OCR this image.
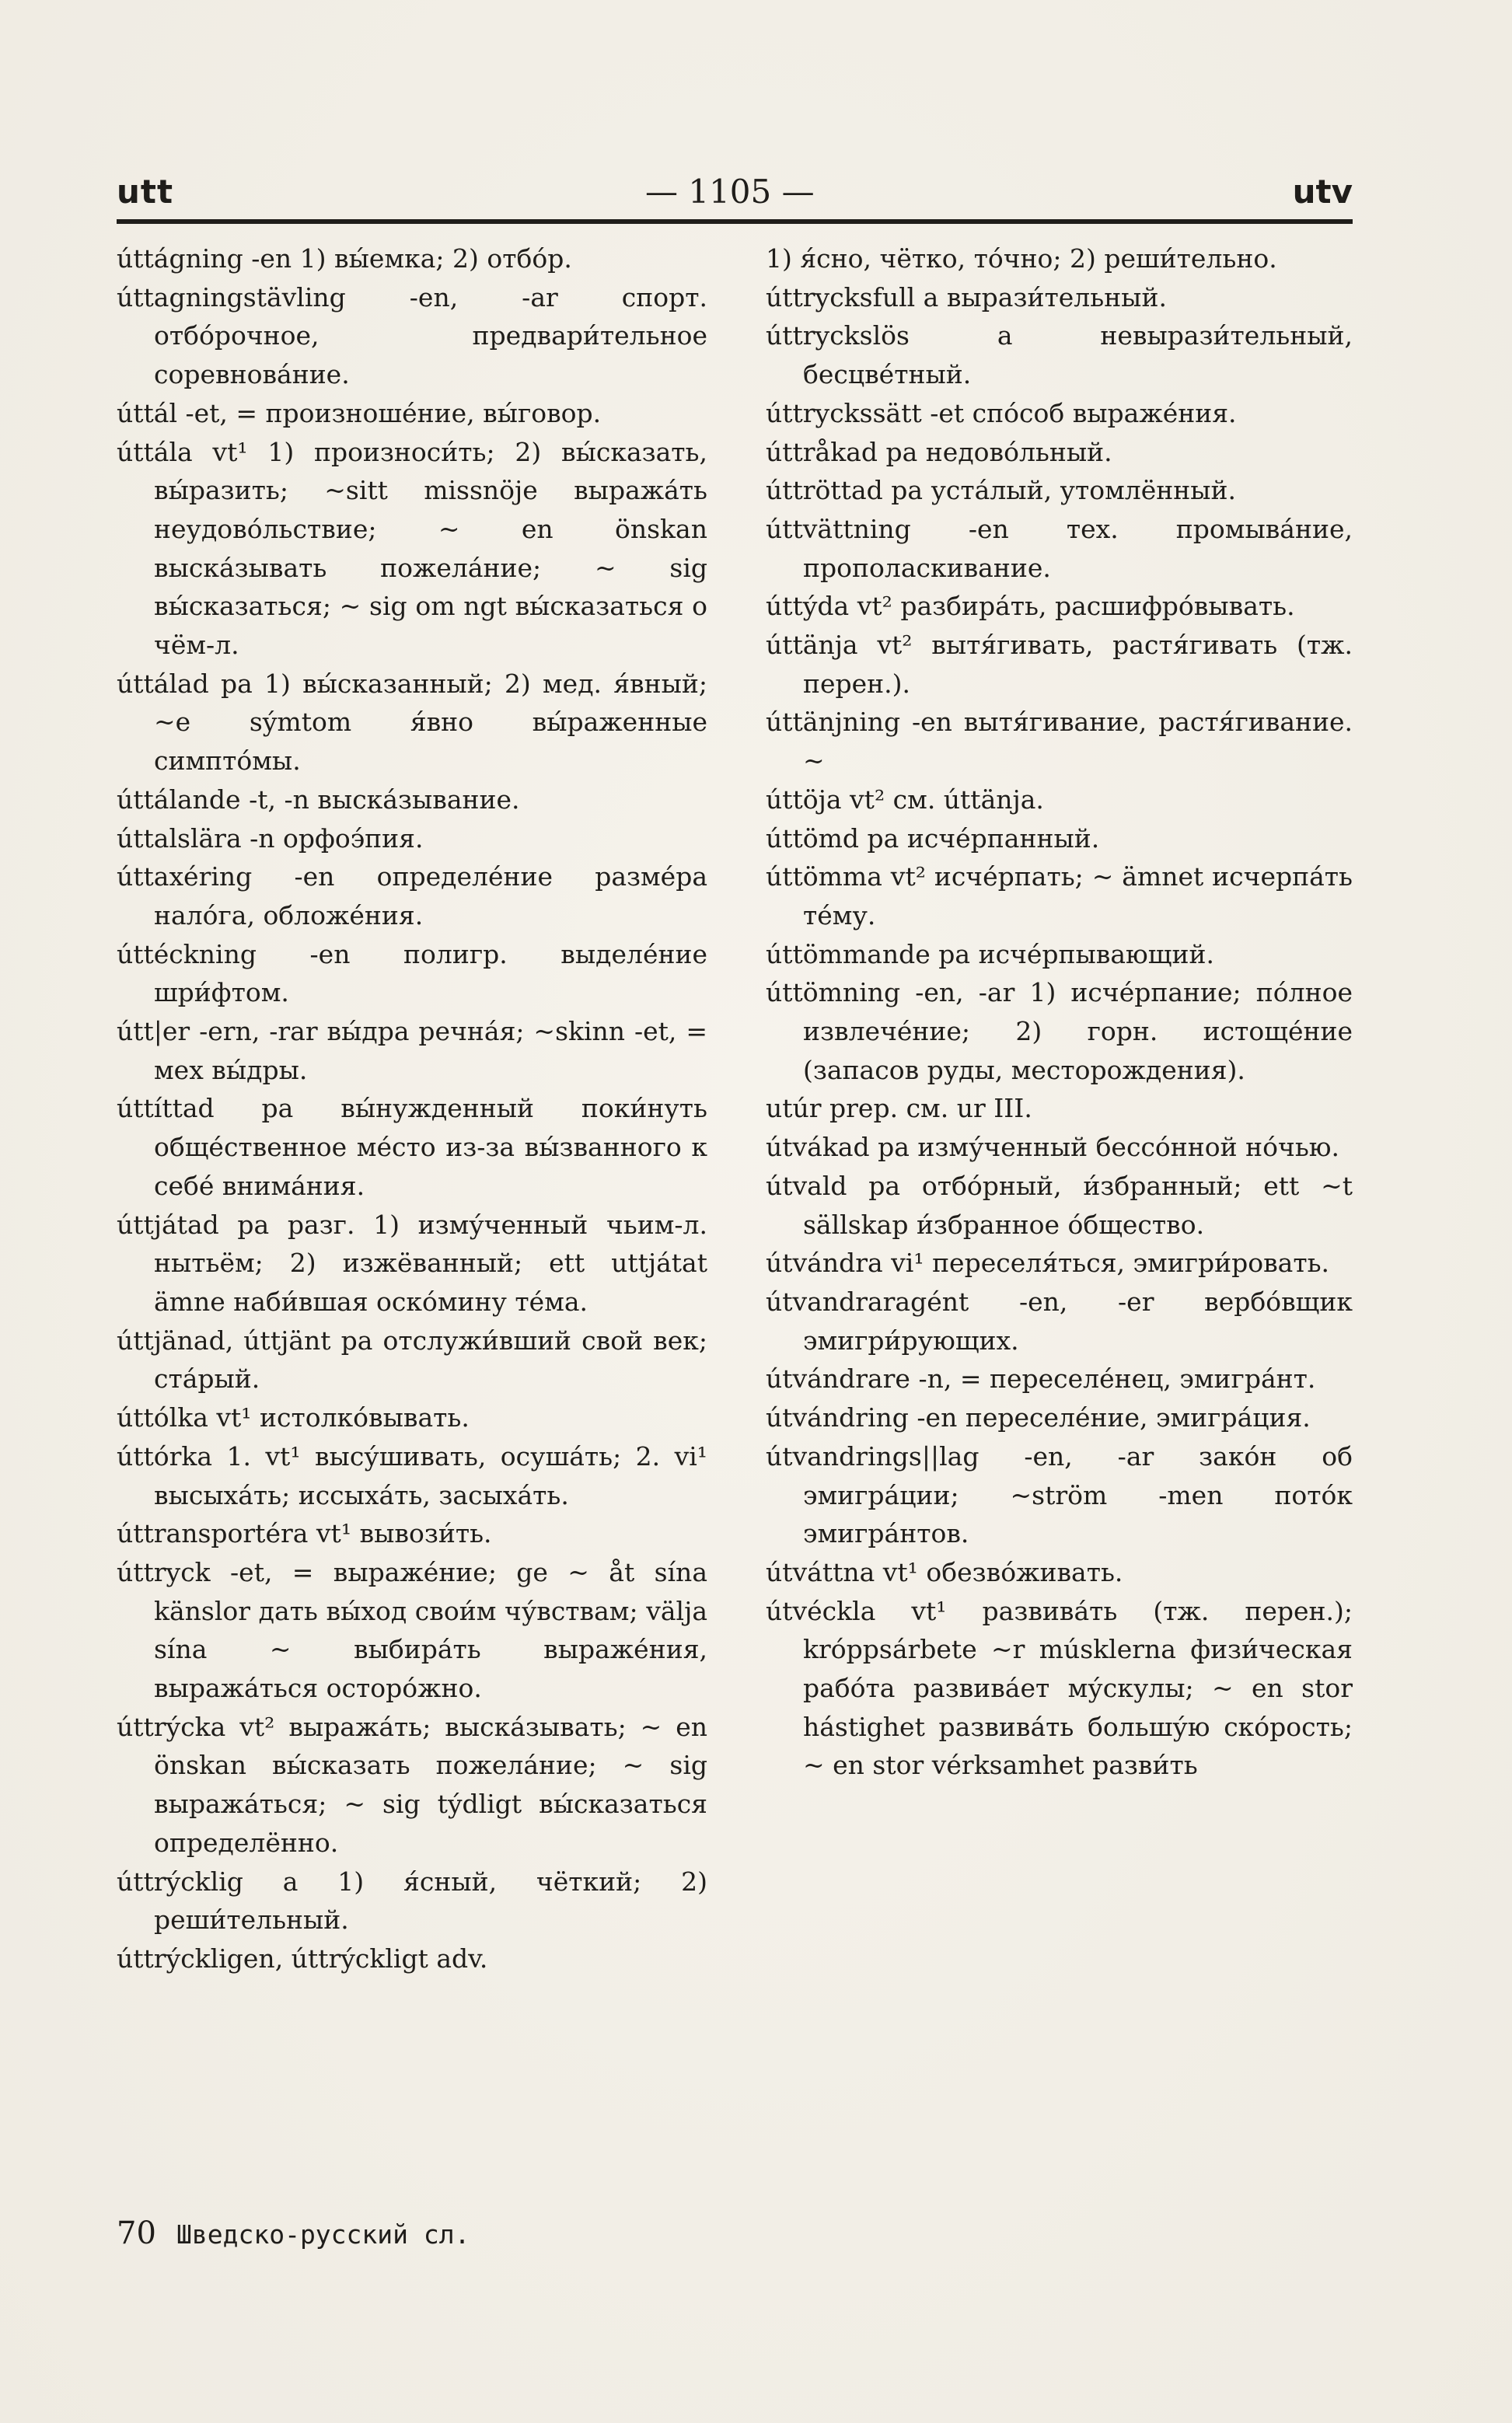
utt	— 1105 —	utv

úttágning -en 1) вы́емка; 2) отбо́р.

úttagningstävling -en, -ar спорт. отбо́рочное, предвари́тельное соревнова́ние.

úttál -et, = произноше́ние, вы́говор.

úttála vt¹ 1) произноси́ть; 2) вы́сказать, вы́разить; ~sitt missnöje выража́ть неудово́льствие; ~ en önskan выска́зывать пожела́ние; ~ sig вы́сказаться; ~ sig om ngt вы́сказаться о чём-л.

úttálad pa 1) вы́сказанный; 2) мед. я́вный; ~e sýmtom я́вно вы́раженные симпто́мы.

úttálande -t, -n выска́зывание.

úttalslära -n орфоэ́пия.

úttaxéring -en определе́ние разме́ра нало́га, обложе́ния.

úttéckning -en полигр. выделе́ние шри́фтом.

útt|er -ern, -rar вы́дра речна́я; ~skinn -et, = мех вы́дры.

úttíttad pa вы́нужденный поки́нуть обще́ственное ме́сто из-за вы́званного к себе́ внима́ния.

úttjátad pa разг. 1) изму́ченный чьим-л. нытьём; 2) изжёванный; ett uttjátat ämne наби́вшая оско́мину те́ма.

úttjänad, úttjänt pa отслужи́вший свой век; ста́рый.

úttólka vt¹ истолко́вывать.

úttórka 1. vt¹ высу́шивать, осуша́ть; 2. vi¹ высыха́ть; иссыха́ть, засыха́ть.

úttransportéra vt¹ вывози́ть.

úttryck -et, = выраже́ние; ge ~ åt sína känslor дать вы́ход свои́м чу́вствам; välja sína ~ выбира́ть выраже́ния, выража́ться осторо́жно.

úttrýcka vt² выража́ть; выска́зывать; ~ en önskan вы́сказать пожела́ние; ~ sig выража́ться; ~ sig týdligt вы́сказаться определённо.

úttrýcklig a 1) я́сный, чёткий; 2) реши́тельный.

úttrýckligen, úttrýckligt adv.

1) я́сно, чётко, то́чно; 2) реши́тельно.

úttrycksfull a вырази́тельный.

úttryckslös a невырази́тельный, бесцве́тный.

úttryckssätt -et спо́соб выраже́ния.

úttråkad pa недово́льный.

úttröttad pa уста́лый, утомлённый.

úttvättning -en тех. промыва́ние, прополаскивание.

úttýda vt² разбира́ть, расшифро́вывать.

úttänja vt² вытя́гивать, растя́гивать (тж. перен.).

úttänjning -en вытя́гивание, растя́гивание. ~

úttöja vt² см. úttänja.

úttömd pa исче́рпанный.

úttömma vt² исче́рпать; ~ ämnet исчерпа́ть те́му.

úttömmande pa исче́рпывающий.

úttömning -en, -ar 1) исче́рпание; по́лное извлече́ние; 2) горн. истоще́ние (запасов руды, месторождения).

utúr prep. см. ur III.

útvákad pa изму́ченный бессо́нной но́чью.

útvald pa отбо́рный, и́збранный; ett ~t sällskap и́збранное о́бщество.

útvándra vi¹ переселя́ться, эмигри́ровать.

útvandraragént -en, -er вербо́вщик эмигри́рующих.

útvándrare -n, = переселе́нец, эмигра́нт.

útvándring -en переселе́ние, эмигра́ция.

útvandrings||lag -en, -ar зако́н об эмигра́ции; ~ström -men пото́к эмигра́нтов.

útváttna vt¹ обезво́живать.

útvéckla vt¹ развива́ть (тж. перен.); króppsárbete ~r músklerna физи́ческая рабо́та развива́ет му́скулы; ~ en stor hástighet развива́ть большу́ю ско́рость; ~ en stor vérksamhet разви́ть

70 Шведско-русский сл.
